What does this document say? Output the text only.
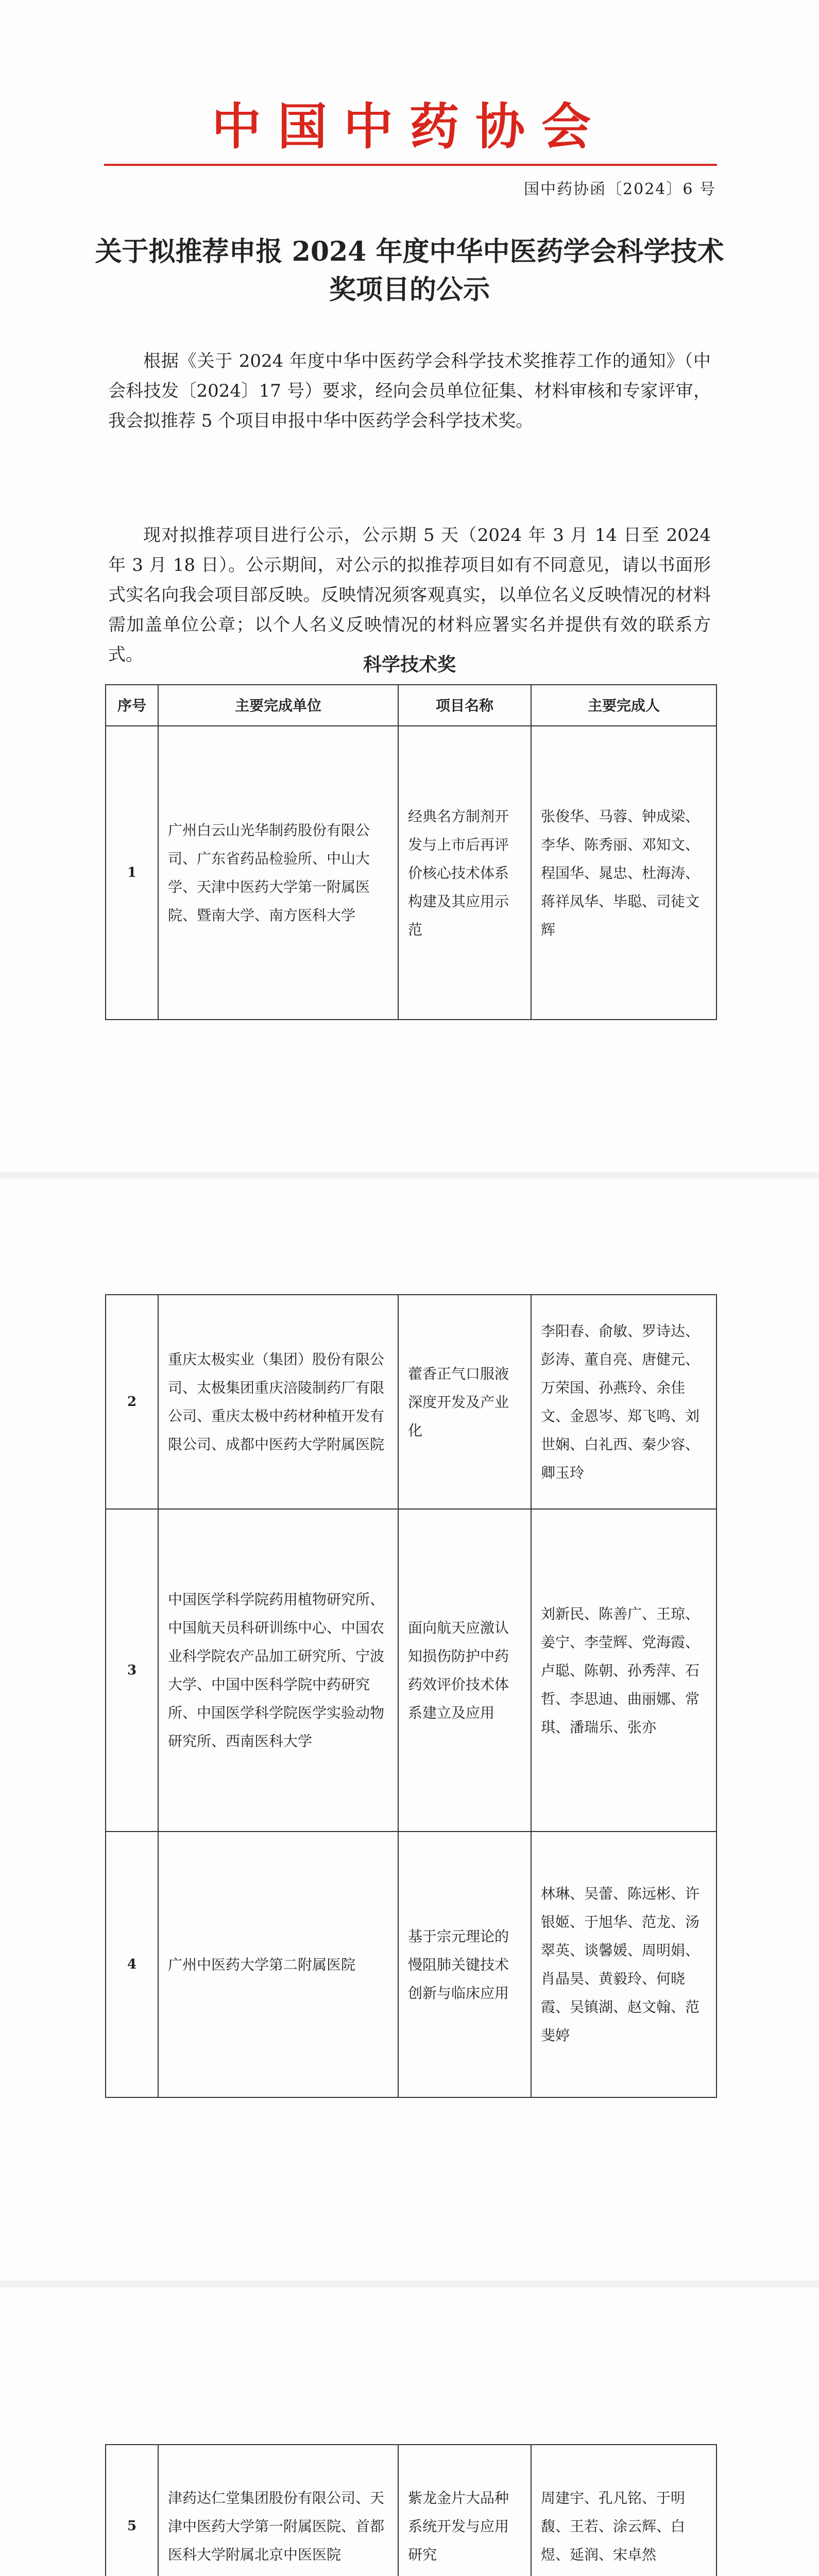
中国中药协会
国中药协函〔2024〕6 号
关于拟推荐申报 2024 年度中华中医药学会科学技术奖项目的公示

根据《关于 2024 年度中华中医药学会科学技术奖推荐工作的通知》（中会科技发〔2024〕17 号）要求，经向会员单位征集、材料审核和专家评审，我会拟推荐 5 个项目申报中华中医药学会科学技术奖。

现对拟推荐项目进行公示，公示期 5 天（2024 年 3 月 14 日至 2024 年 3 月 18 日）。公示期间，对公示的拟推荐项目如有不同意见，请以书面形式实名向我会项目部反映。反映情况须客观真实，以单位名义反映情况的材料需加盖单位公章；以个人名义反映情况的材料应署实名并提供有效的联系方式。	科学技术奖
序号	主要完成单位	项目名称	主要完成人
1	广州白云山光华制药股份有限公司、广东省药品检验所、中山大学、天津中医药大学第一附属医院、暨南大学、南方医科大学	经典名方制剂开发与上市后再评价核心技术体系构建及其应用示范	张俊华、马蓉、钟成梁、李华、陈秀丽、邓知文、程国华、晁忠、杜海涛、蒋祥凤华、毕聪、司徒文辉
2	重庆太极实业（集团）股份有限公司、太极集团重庆涪陵制药厂有限公司、重庆太极中药材种植开发有限公司、成都中医药大学附属医院	藿香正气口服液深度开发及产业化	李阳春、俞敏、罗诗达、彭涛、董自亮、唐健元、万荣国、孙燕玲、余佳文、金恩岑、郑飞鸣、刘世娴、白礼西、秦少容、卿玉玲
3	中国医学科学院药用植物研究所、中国航天员科研训练中心、中国农业科学院农产品加工研究所、宁波大学、中国中医科学院中药研究所、中国医学科学院医学实验动物研究所、西南医科大学	面向航天应激认知损伤防护中药药效评价技术体系建立及应用	刘新民、陈善广、王琼、姜宁、李莹辉、党海霞、卢聪、陈朝、孙秀萍、石哲、李思迪、曲丽娜、常琪、潘瑞乐、张亦
4	广州中医药大学第二附属医院	基于宗元理论的慢阻肺关键技术创新与临床应用	林琳、吴蕾、陈远彬、许银姬、于旭华、范龙、汤翠英、谈馨媛、周明娟、肖晶昊、黄毅玲、何晓霞、吴镇湖、赵文翰、范斐婷
5	津药达仁堂集团股份有限公司、天津中医药大学第一附属医院、首都医科大学附属北京中医医院	紫龙金片大品种系统开发与应用研究	周建宇、孔凡铭、于明馥、王若、涂云辉、白煜、延润、宋卓然
